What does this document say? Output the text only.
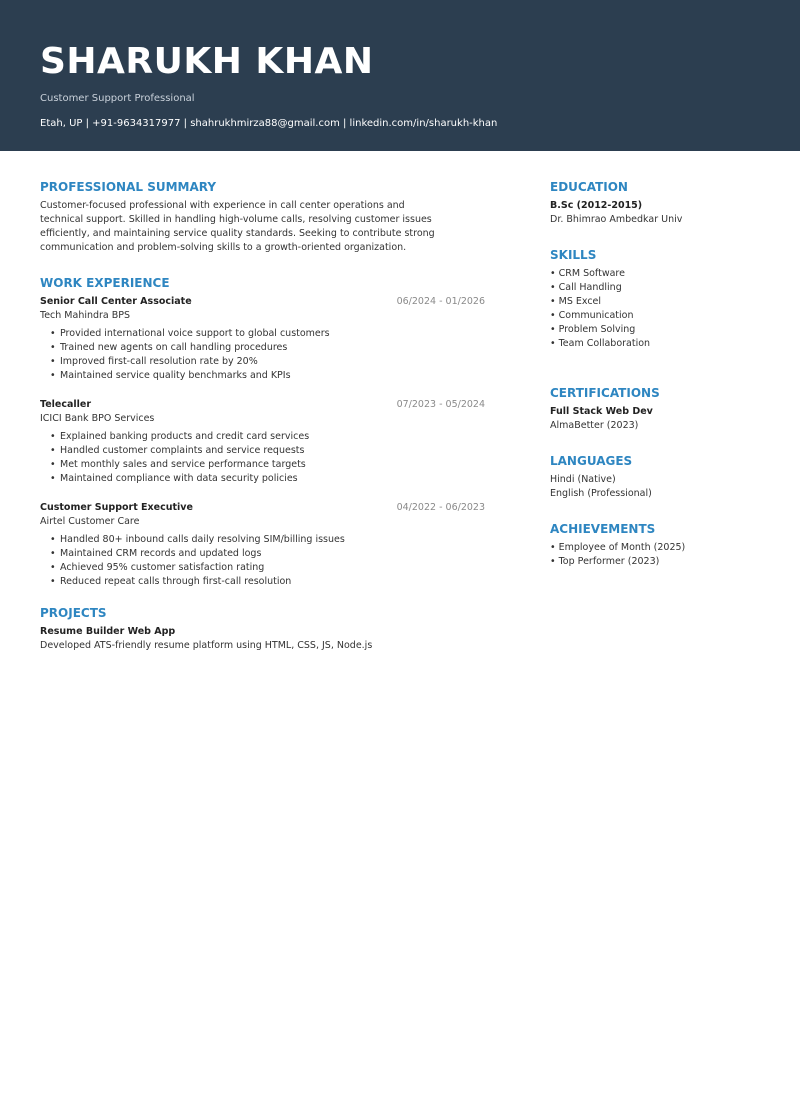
SHARUKH KHAN
Customer Support Professional
Etah, UP | +91-9634317977 | shahrukhmirza88@gmail.com | linkedin.com/in/sharukh-khan
PROFESSIONAL SUMMARY
Customer-focused professional with experience in call center operations and technical support. Skilled in handling high-volume calls, resolving customer issues efficiently, and maintaining service quality standards. Seeking to contribute strong communication and problem-solving skills to a growth-oriented organization.
WORK EXPERIENCE
Senior Call Center Associate	06/2024 - 01/2026
Tech Mahindra BPS
• Provided international voice support to global customers
• Trained new agents on call handling procedures
• Improved first-call resolution rate by 20%
• Maintained service quality benchmarks and KPIs
Telecaller	07/2023 - 05/2024
ICICI Bank BPO Services
• Explained banking products and credit card services
• Handled customer complaints and service requests
• Met monthly sales and service performance targets
• Maintained compliance with data security policies
Customer Support Executive	04/2022 - 06/2023
Airtel Customer Care
• Handled 80+ inbound calls daily resolving SIM/billing issues
• Maintained CRM records and updated logs
• Achieved 95% customer satisfaction rating
• Reduced repeat calls through first-call resolution
PROJECTS
Resume Builder Web App
Developed ATS-friendly resume platform using HTML, CSS, JS, Node.js
EDUCATION
B.Sc (2012-2015)
Dr. Bhimrao Ambedkar Univ
SKILLS
• CRM Software
• Call Handling
• MS Excel
• Communication
• Problem Solving
• Team Collaboration
CERTIFICATIONS
Full Stack Web Dev
AlmaBetter (2023)
LANGUAGES
Hindi (Native)
English (Professional)
ACHIEVEMENTS
• Employee of Month (2025)
• Top Performer (2023)
